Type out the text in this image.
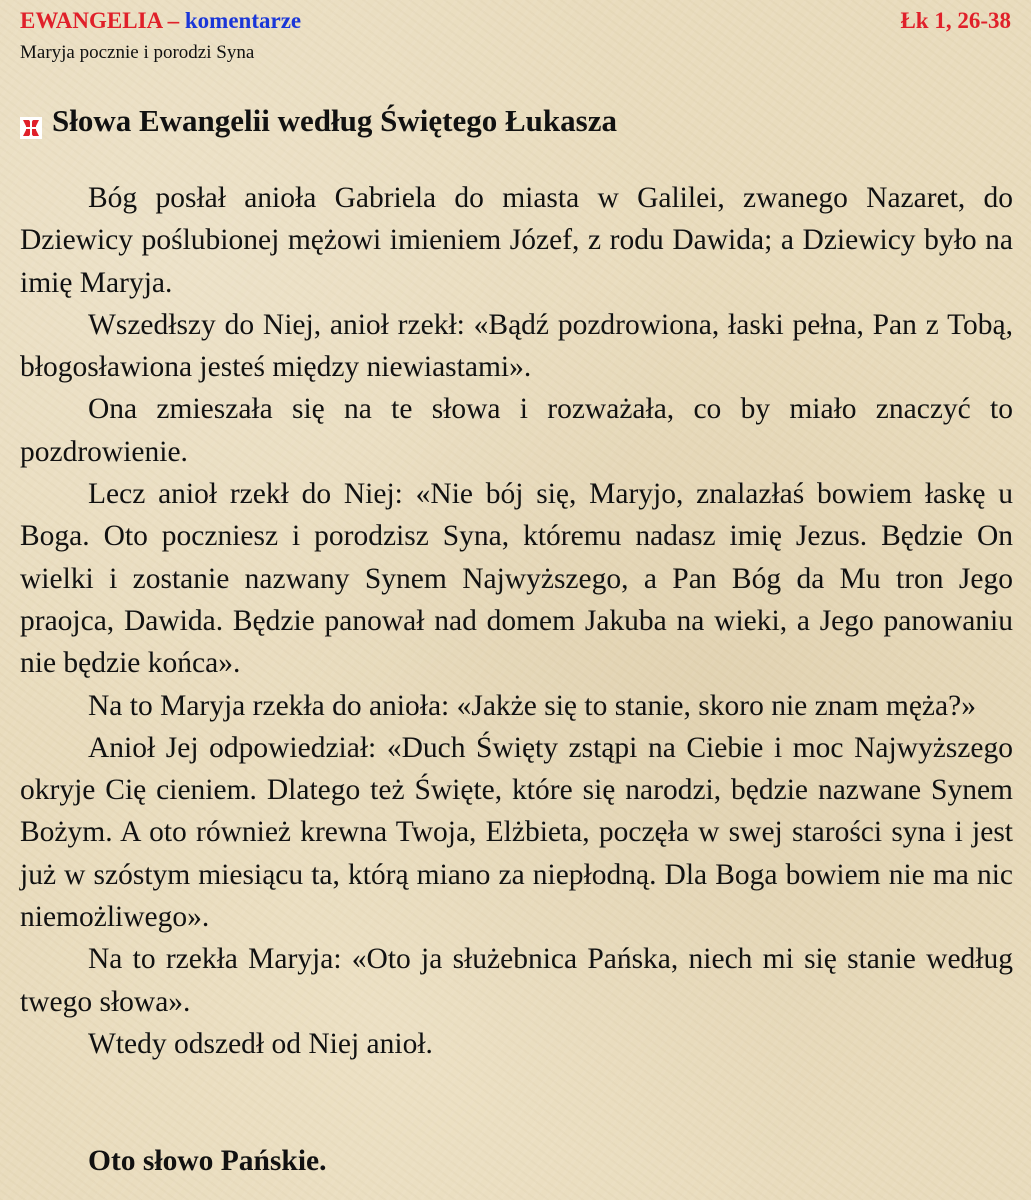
EWANGELIA – komentarze
Maryja pocznie i porodzi Syna
Łk 1, 26-38
Słowa Ewangelii według Świętego Łukasza

Bóg posłał anioła Gabriela do miasta w Galilei, zwanego Nazaret, do Dziewicy poślubionej mężowi imieniem Józef, z rodu Dawida; a Dziewicy było na imię Maryja.

Wszedłszy do Niej, anioł rzekł: «Bądź pozdrowiona, łaski pełna, Pan z Tobą, błogosławiona jesteś między niewiastami».

Ona zmieszała się na te słowa i rozważała, co by miało znaczyć to pozdrowienie.

Lecz anioł rzekł do Niej: «Nie bój się, Maryjo, znalazłaś bowiem łaskę u Boga. Oto poczniesz i porodzisz Syna, któremu nadasz imię Jezus. Będzie On wielki i zostanie nazwany Synem Najwyższego, a Pan Bóg da Mu tron Jego praojca, Dawida. Będzie panował nad domem Jakuba na wieki, a Jego panowaniu nie będzie końca».

Na to Maryja rzekła do anioła: «Jakże się to stanie, skoro nie znam męża?»

Anioł Jej odpowiedział: «Duch Święty zstąpi na Ciebie i moc Najwyższego okryje Cię cieniem. Dlatego też Święte, które się narodzi, będzie nazwane Synem Bożym. A oto również krewna Twoja, Elżbieta, poczęła w swej starości syna i jest już w szóstym miesiącu ta, którą miano za niepłodną. Dla Boga bowiem nie ma nic niemożliwego».

Na to rzekła Maryja: «Oto ja służebnica Pańska, niech mi się stanie według twego słowa».

Wtedy odszedł od Niej anioł.

Oto słowo Pańskie.
